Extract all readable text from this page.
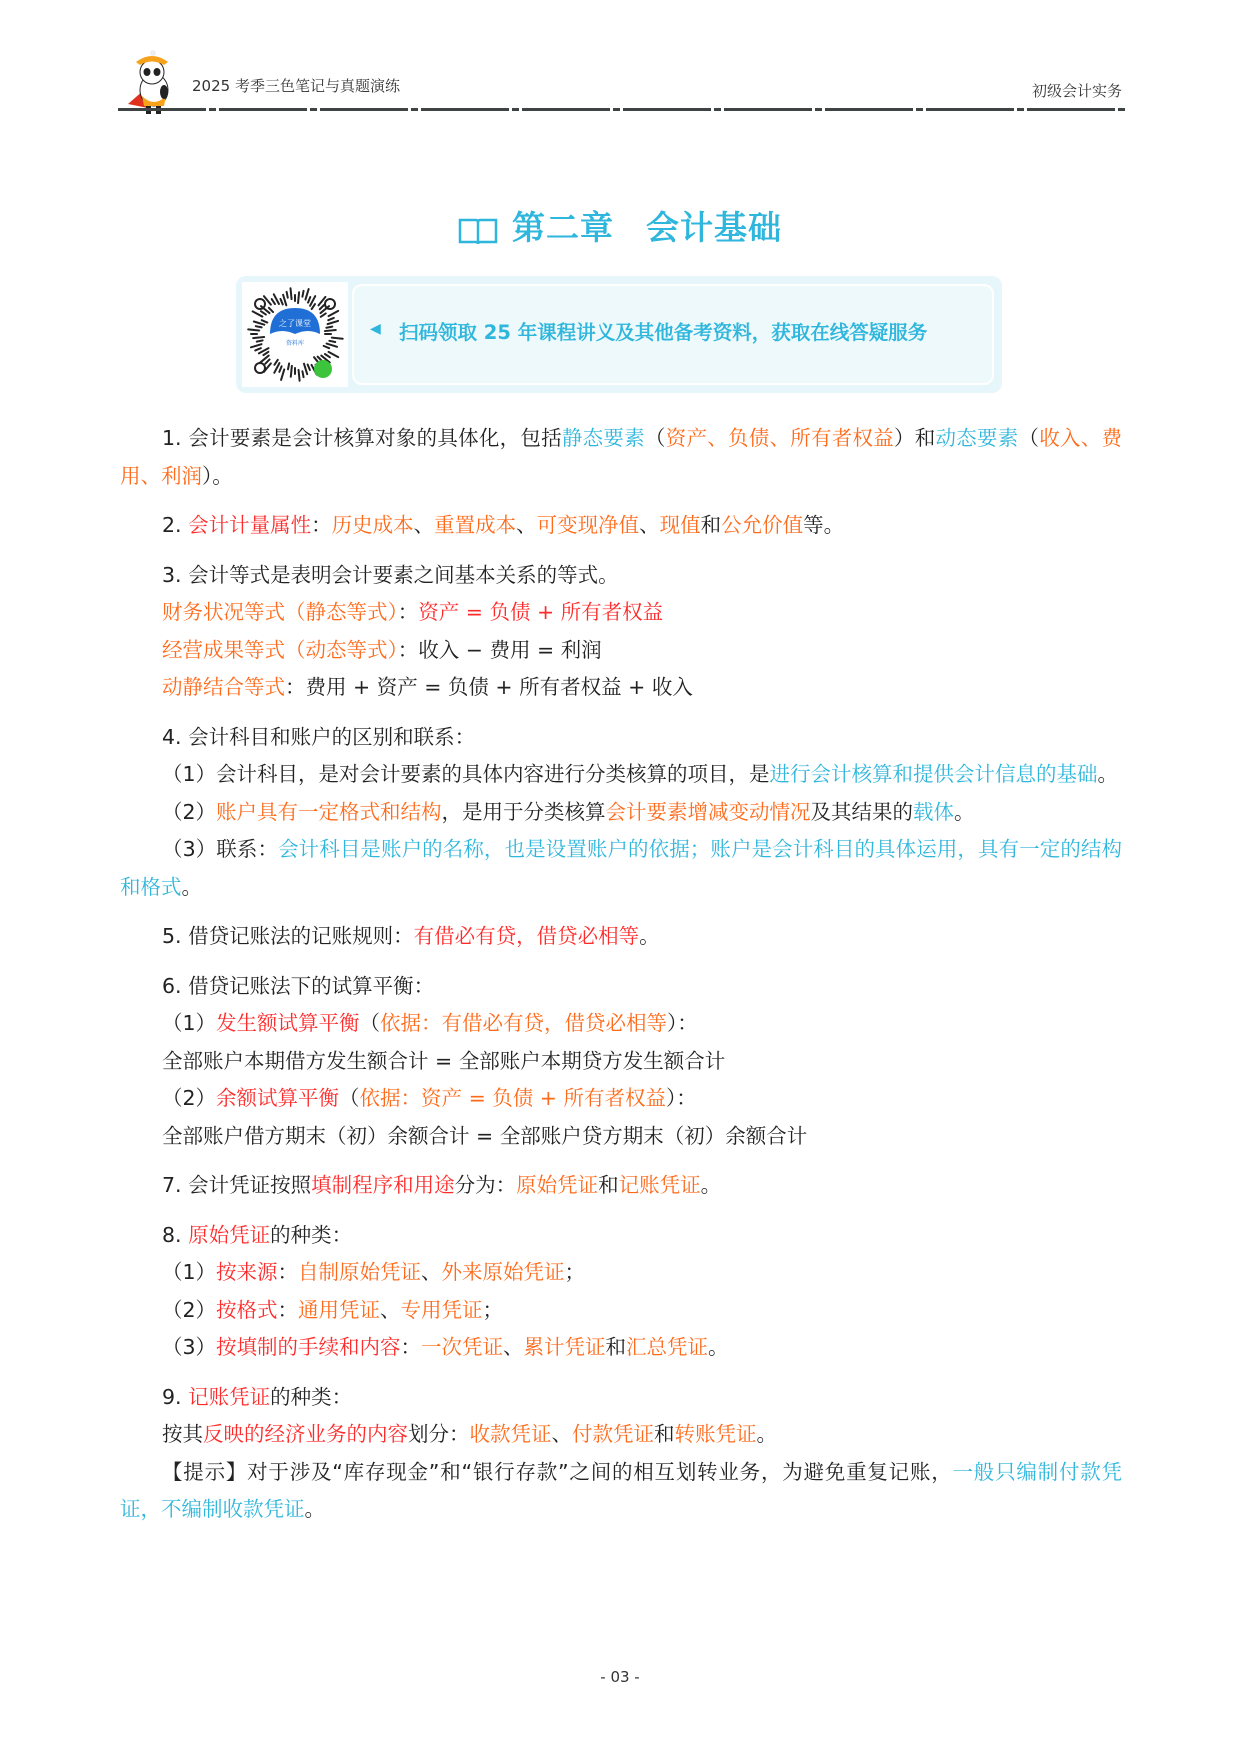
2025 考季三色笔记与真题演练	初级会计实务
第二章 会计基础
之了课堂
资料库
◀ 扫码领取 25 年课程讲义及其他备考资料，获取在线答疑服务

1. 会计要素是会计核算对象的具体化，包括静态要素（资产、负债、所有者权益）和动态要素（收入、费用、利润）。

2. 会计计量属性：历史成本、重置成本、可变现净值、现值和公允价值等。

3. 会计等式是表明会计要素之间基本关系的等式。

财务状况等式（静态等式）：资产 = 负债 + 所有者权益

经营成果等式（动态等式）：收入 − 费用 = 利润

动静结合等式：费用 + 资产 = 负债 + 所有者权益 + 收入

4. 会计科目和账户的区别和联系：

（1）会计科目，是对会计要素的具体内容进行分类核算的项目，是进行会计核算和提供会计信息的基础。

（2）账户具有一定格式和结构，是用于分类核算会计要素增减变动情况及其结果的载体。

（3）联系：会计科目是账户的名称，也是设置账户的依据；账户是会计科目的具体运用，具有一定的结构和格式。

5. 借贷记账法的记账规则：有借必有贷，借贷必相等。

6. 借贷记账法下的试算平衡：

（1）发生额试算平衡（依据：有借必有贷，借贷必相等）：

全部账户本期借方发生额合计 = 全部账户本期贷方发生额合计

（2）余额试算平衡（依据：资产 = 负债 + 所有者权益）：

全部账户借方期末（初）余额合计 = 全部账户贷方期末（初）余额合计

7. 会计凭证按照填制程序和用途分为：原始凭证和记账凭证。

8. 原始凭证的种类：

（1）按来源：自制原始凭证、外来原始凭证；

（2）按格式：通用凭证、专用凭证；

（3）按填制的手续和内容：一次凭证、累计凭证和汇总凭证。

9. 记账凭证的种类：

按其反映的经济业务的内容划分：收款凭证、付款凭证和转账凭证。

【提示】对于涉及“库存现金”和“银行存款”之间的相互划转业务，为避免重复记账，一般只编制付款凭证，不编制收款凭证。

- 03 -
